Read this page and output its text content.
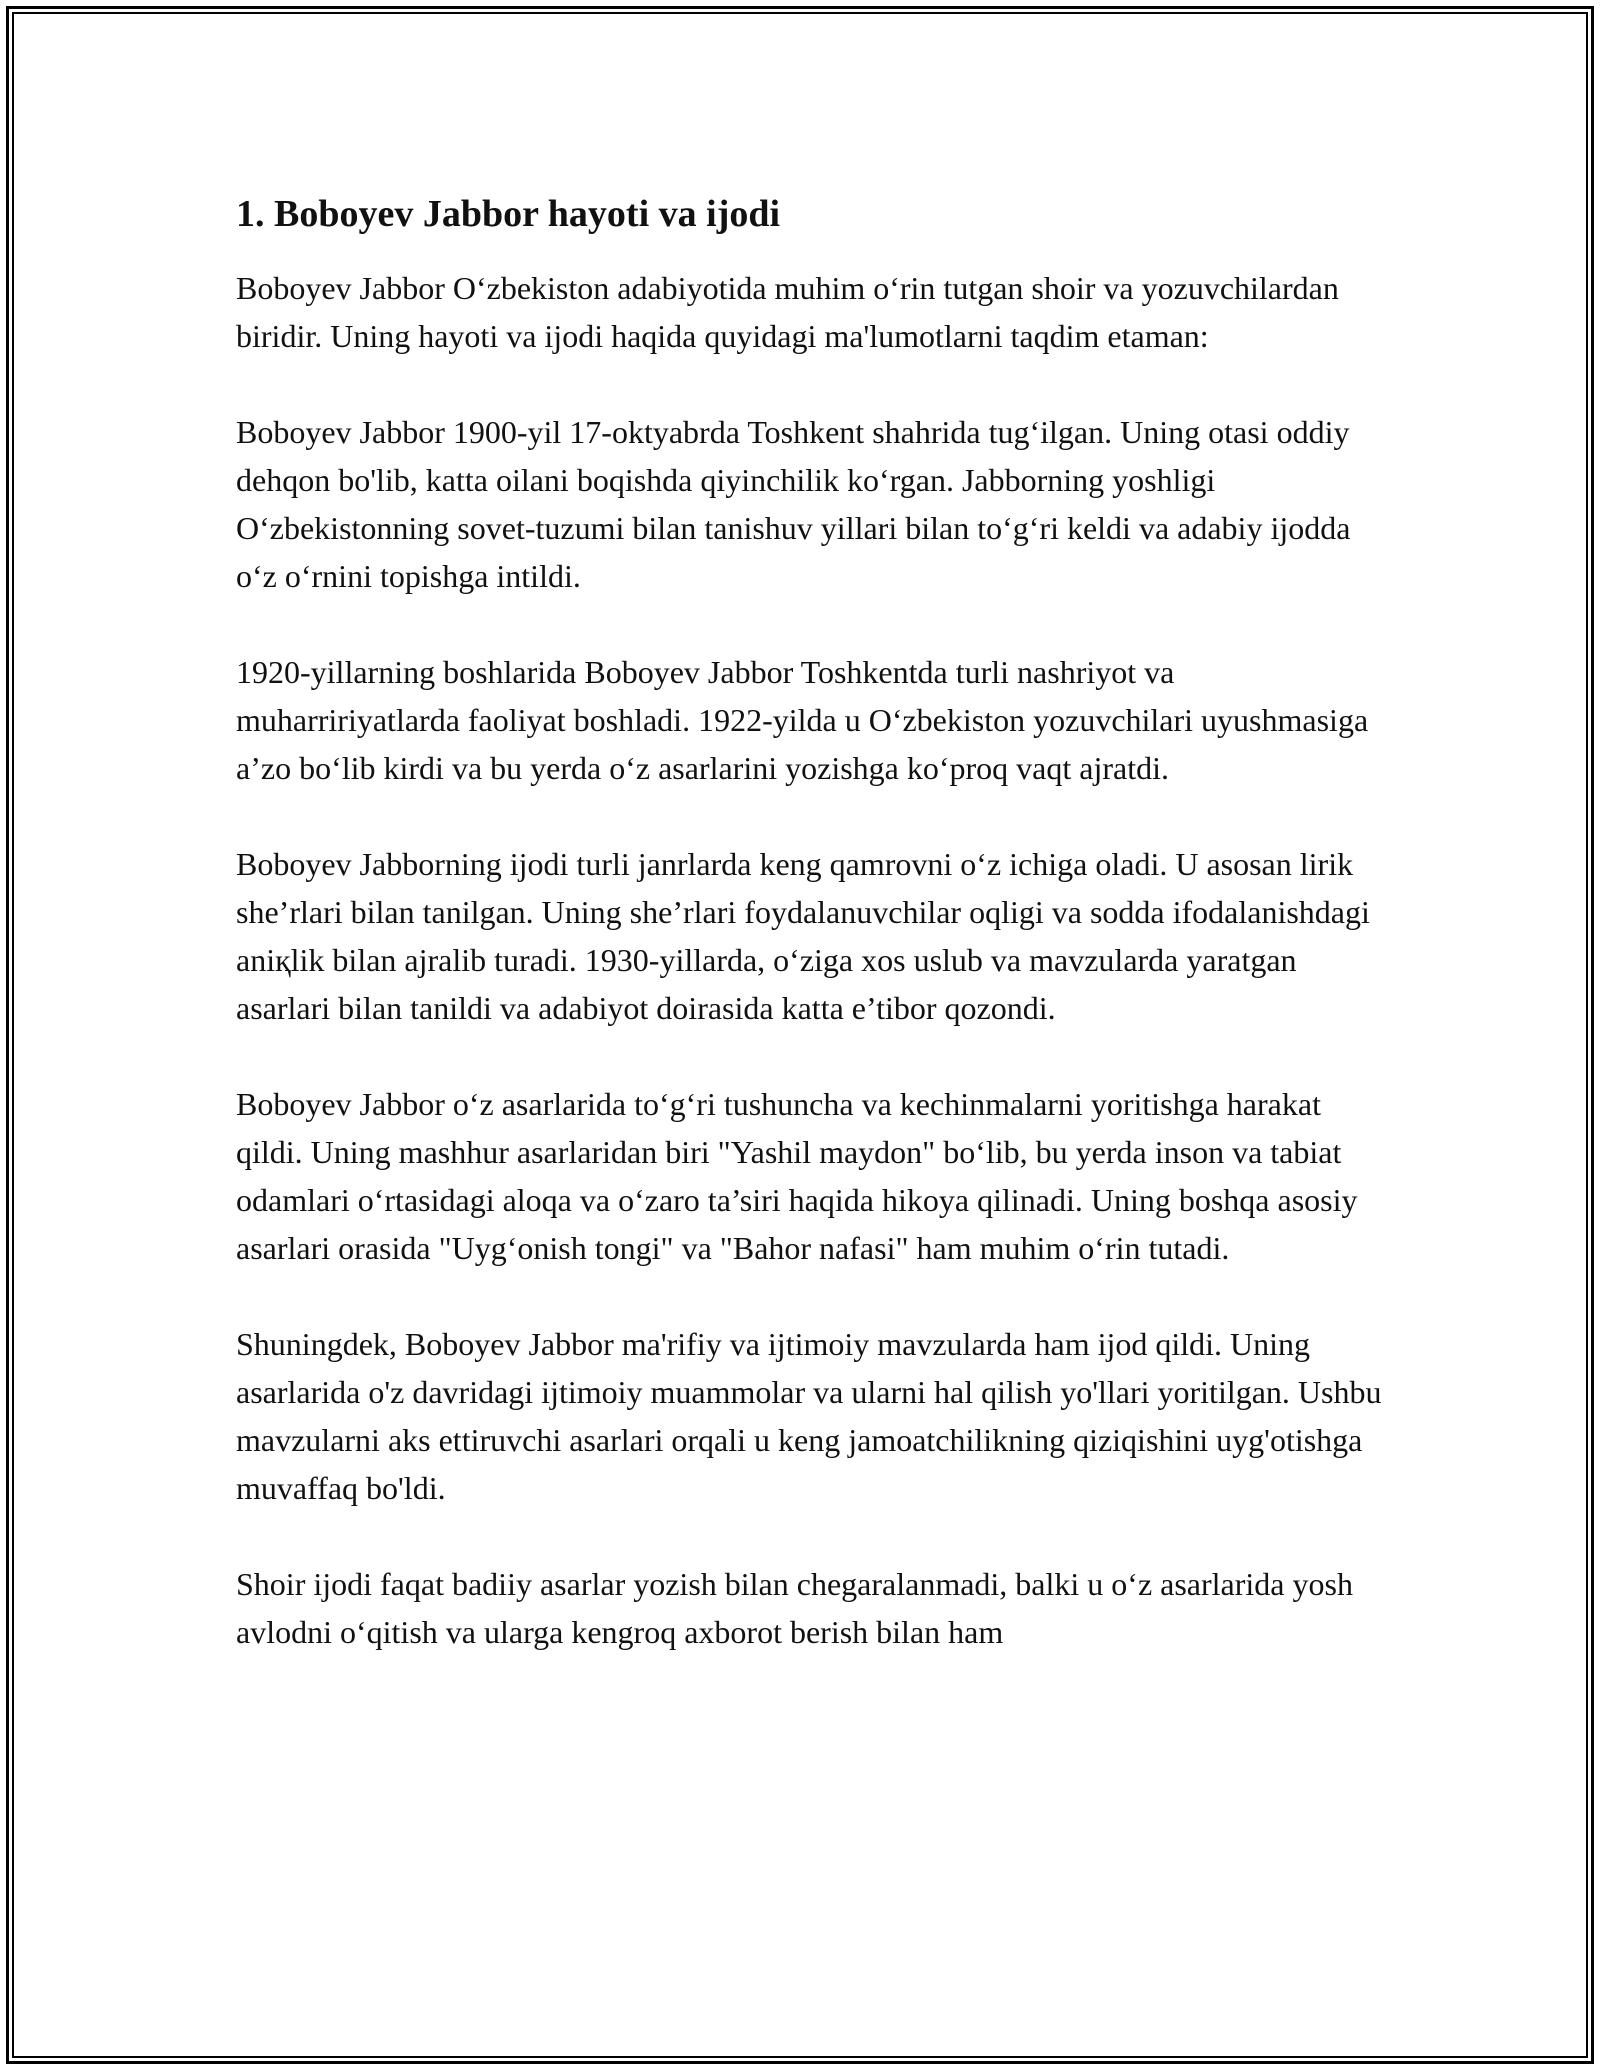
1. Boboyev Jabbor hayoti va ijodi

Boboyev Jabbor O‘zbekiston adabiyotida muhim o‘rin tutgan shoir va yozuvchilardan biridir. Uning hayoti va ijodi haqida quyidagi ma'lumotlarni taqdim etaman:

Boboyev Jabbor 1900-yil 17-oktyabrda Toshkent shahrida tug‘ilgan. Uning otasi oddiy dehqon bo'lib, katta oilani boqishda qiyinchilik ko‘rgan. Jabborning yoshligi O‘zbekistonning sovet-tuzumi bilan tanishuv yillari bilan to‘g‘ri keldi va adabiy ijodda o‘z o‘rnini topishga intildi.

1920-yillarning boshlarida Boboyev Jabbor Toshkentda turli nashriyot va muharririyatlarda faoliyat boshladi. 1922-yilda u O‘zbekiston yozuvchilari uyushmasiga a’zo bo‘lib kirdi va bu yerda o‘z asarlarini yozishga ko‘proq vaqt ajratdi.

Boboyev Jabborning ijodi turli janrlarda keng qamrovni o‘z ichiga oladi. U asosan lirik she’rlari bilan tanilgan. Uning she’rlari foydalanuvchilar oqligi va sodda ifodalanishdagi aniқlik bilan ajralib turadi. 1930-yillarda, o‘ziga xos uslub va mavzularda yaratgan asarlari bilan tanildi va adabiyot doirasida katta e’tibor qozondi.

Boboyev Jabbor o‘z asarlarida to‘g‘ri tushuncha va kechinmalarni yoritishga harakat qildi. Uning mashhur asarlaridan biri "Yashil maydon" bo‘lib, bu yerda inson va tabiat odamlari o‘rtasidagi aloqa va o‘zaro ta’siri haqida hikoya qilinadi. Uning boshqa asosiy asarlari orasida "Uyg‘onish tongi" va "Bahor nafasi" ham muhim o‘rin tutadi.

Shuningdek, Boboyev Jabbor ma'rifiy va ijtimoiy mavzularda ham ijod qildi. Uning asarlarida o'z davridagi ijtimoiy muammolar va ularni hal qilish yo'llari yoritilgan. Ushbu mavzularni aks ettiruvchi asarlari orqali u keng jamoatchilikning qiziqishini uyg'otishga muvaffaq bo'ldi.

Shoir ijodi faqat badiiy asarlar yozish bilan chegaralanmadi, balki u o‘z asarlarida yosh avlodni o‘qitish va ularga kengroq axborot berish bilan ham
